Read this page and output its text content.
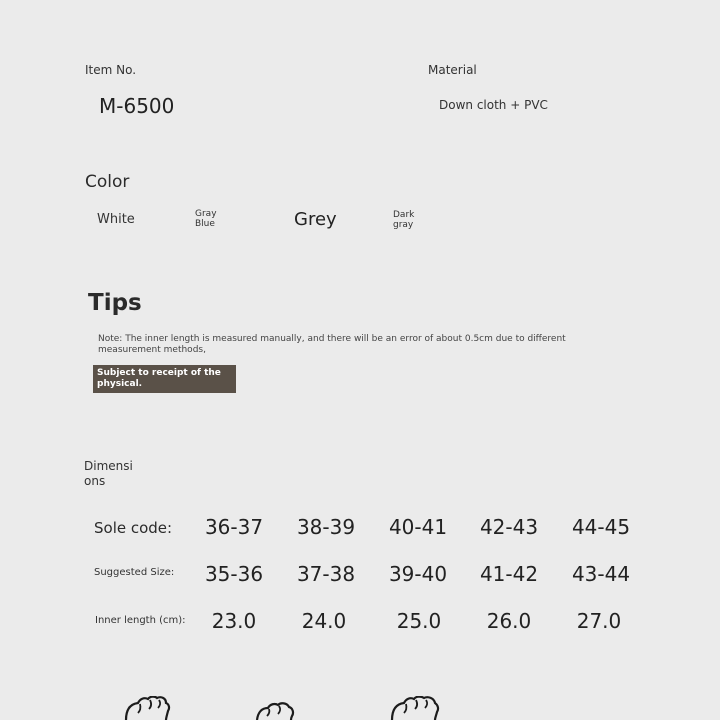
Item No.
M-6500
Material
Down cloth + PVC
Color
White	Gray Blue	Grey	Dark gray
Tips
Note: The inner length is measured manually, and there will be an error of about 0.5cm due to different measurement methods,
Subject to receipt of the physical.
Dimensions
Sole code:	36-37	38-39	40-41	42-43	44-45
Suggested Size:	35-36	37-38	39-40	41-42	43-44
Inner length (cm):	23.0	24.0	25.0	26.0	27.0
